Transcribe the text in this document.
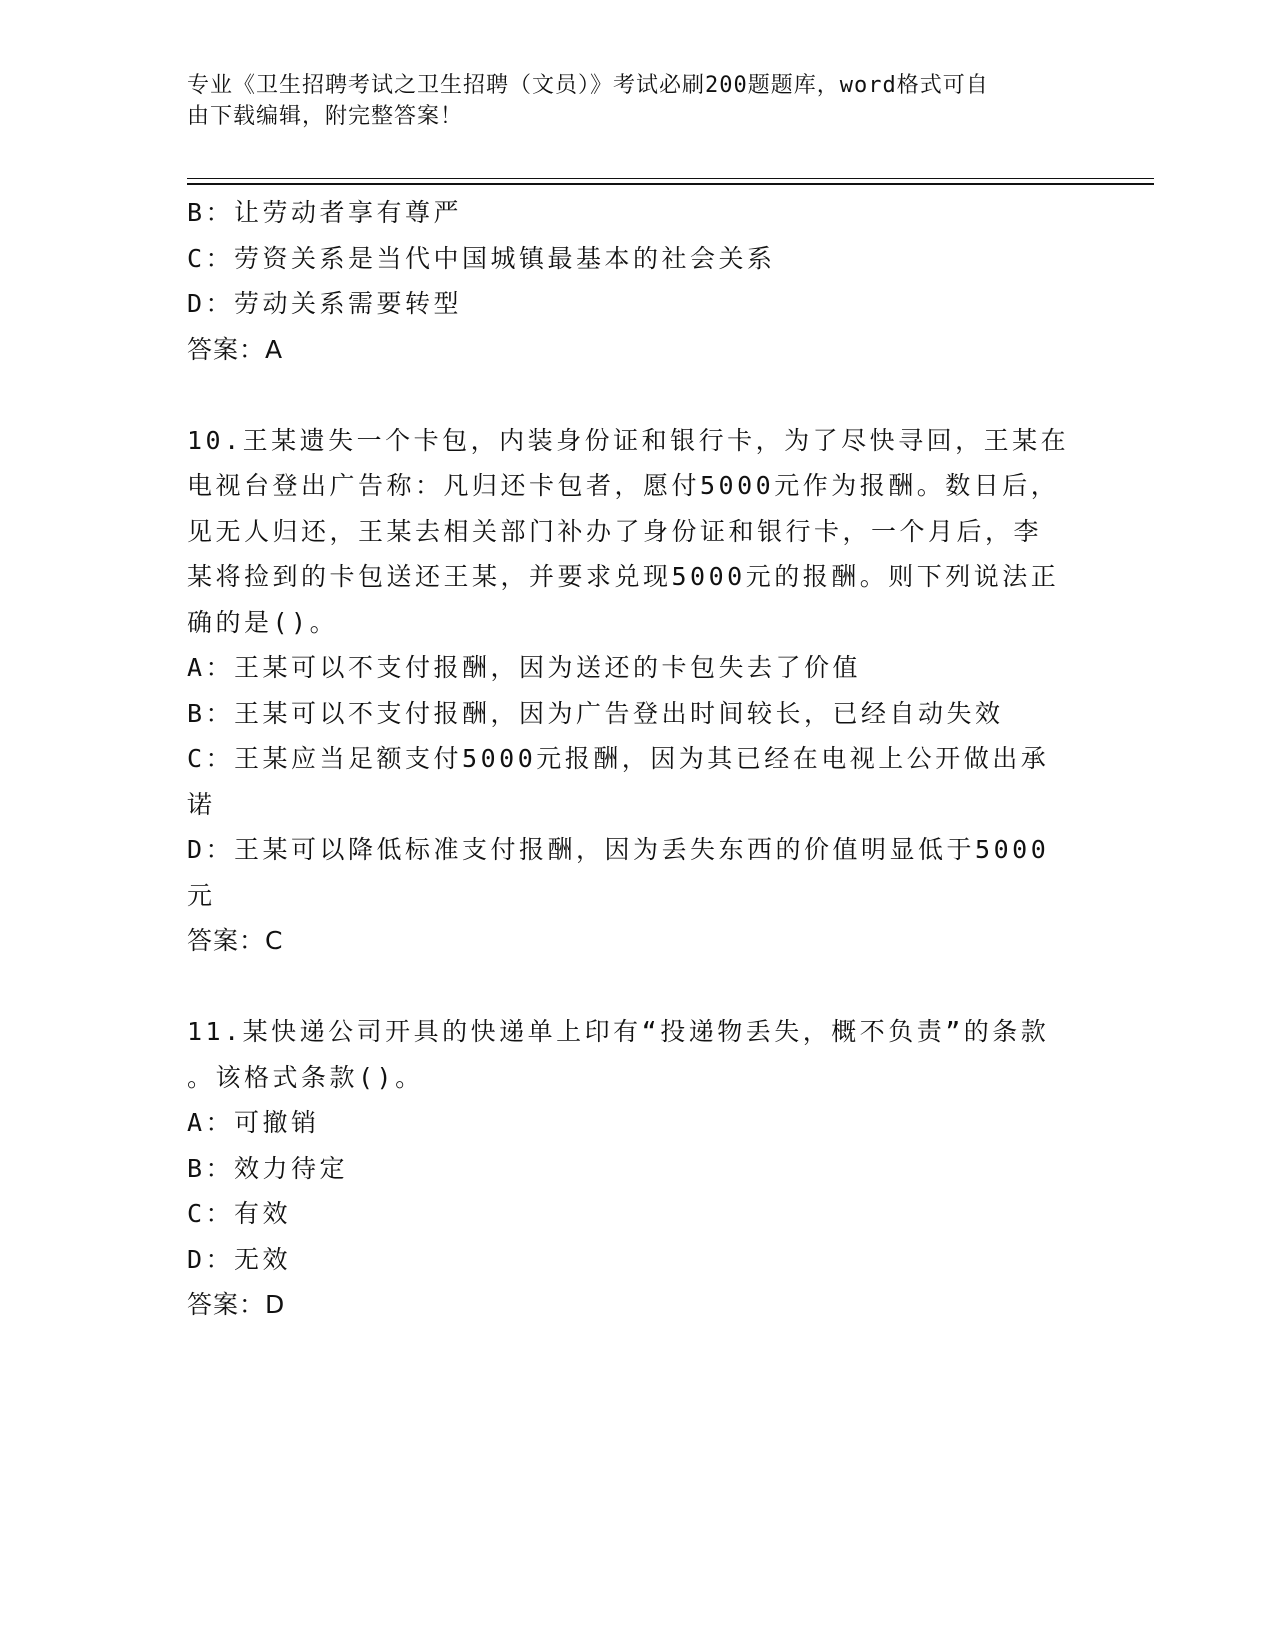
专业《卫生招聘考试之卫生招聘（文员）》考试必刷200题题库，word格式可自
由下载编辑，附完整答案！
B：让劳动者享有尊严
C：劳资关系是当代中国城镇最基本的社会关系
D：劳动关系需要转型
答案：A
10.王某遗失一个卡包，内装身份证和银行卡，为了尽快寻回，王某在
电视台登出广告称：凡归还卡包者，愿付5000元作为报酬。数日后，
见无人归还，王某去相关部门补办了身份证和银行卡，一个月后，李
某将捡到的卡包送还王某，并要求兑现5000元的报酬。则下列说法正
确的是()。
A：王某可以不支付报酬，因为送还的卡包失去了价值
B：王某可以不支付报酬，因为广告登出时间较长，已经自动失效
C：王某应当足额支付5000元报酬，因为其已经在电视上公开做出承
诺
D：王某可以降低标准支付报酬，因为丢失东西的价值明显低于5000
元
答案：C
11.某快递公司开具的快递单上印有“投递物丢失，概不负责”的条款
。该格式条款()。
A：可撤销
B：效力待定
C：有效
D：无效
答案：D
